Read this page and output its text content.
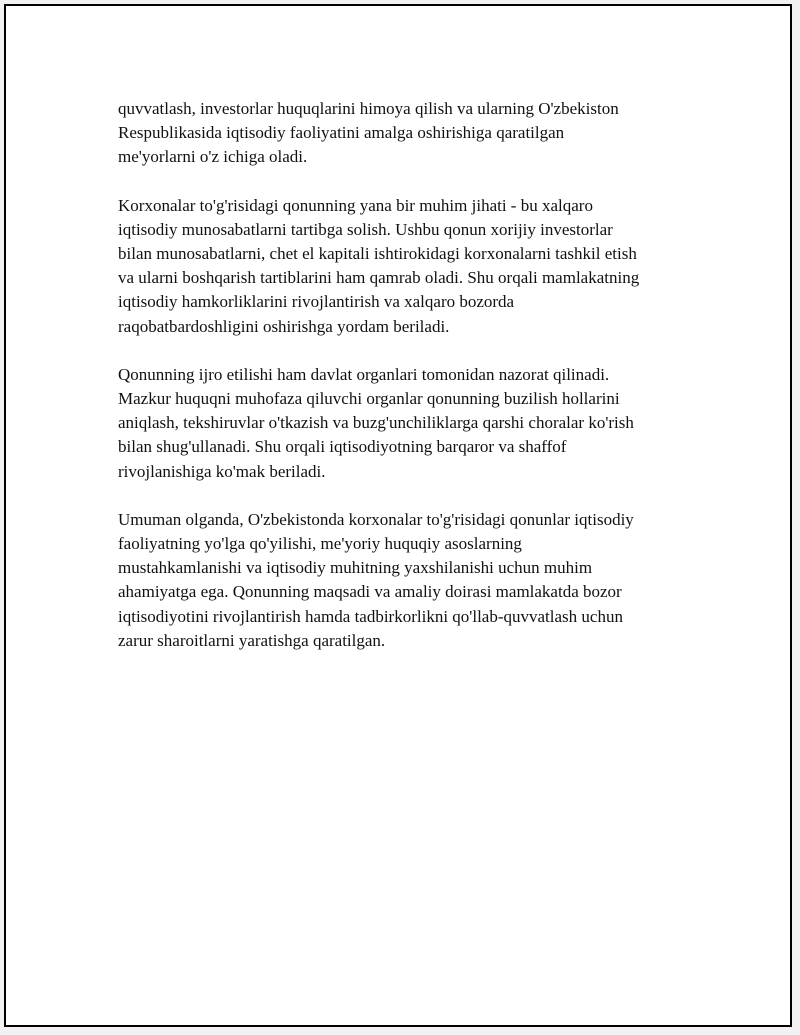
quvvatlash, investorlar huquqlarini himoya qilish va ularning O'zbekiston
Respublikasida iqtisodiy faoliyatini amalga oshirishiga qaratilgan
me'yorlarni o'z ichiga oladi.

Korxonalar to'g'risidagi qonunning yana bir muhim jihati - bu xalqaro
iqtisodiy munosabatlarni tartibga solish. Ushbu qonun xorijiy investorlar
bilan munosabatlarni, chet el kapitali ishtirokidagi korxonalarni tashkil etish
va ularni boshqarish tartiblarini ham qamrab oladi. Shu orqali mamlakatning
iqtisodiy hamkorliklarini rivojlantirish va xalqaro bozorda
raqobatbardoshligini oshirishga yordam beriladi.

Qonunning ijro etilishi ham davlat organlari tomonidan nazorat qilinadi.
Mazkur huquqni muhofaza qiluvchi organlar qonunning buzilish hollarini
aniqlash, tekshiruvlar o'tkazish va buzg'unchiliklarga qarshi choralar ko'rish
bilan shug'ullanadi. Shu orqali iqtisodiyotning barqaror va shaffof
rivojlanishiga ko'mak beriladi.

Umuman olganda, O'zbekistonda korxonalar to'g'risidagi qonunlar iqtisodiy
faoliyatning yo'lga qo'yilishi, me'yoriy huquqiy asoslarning
mustahkamlanishi va iqtisodiy muhitning yaxshilanishi uchun muhim
ahamiyatga ega. Qonunning maqsadi va amaliy doirasi mamlakatda bozor
iqtisodiyotini rivojlantirish hamda tadbirkorlikni qo'llab-quvvatlash uchun
zarur sharoitlarni yaratishga qaratilgan.
